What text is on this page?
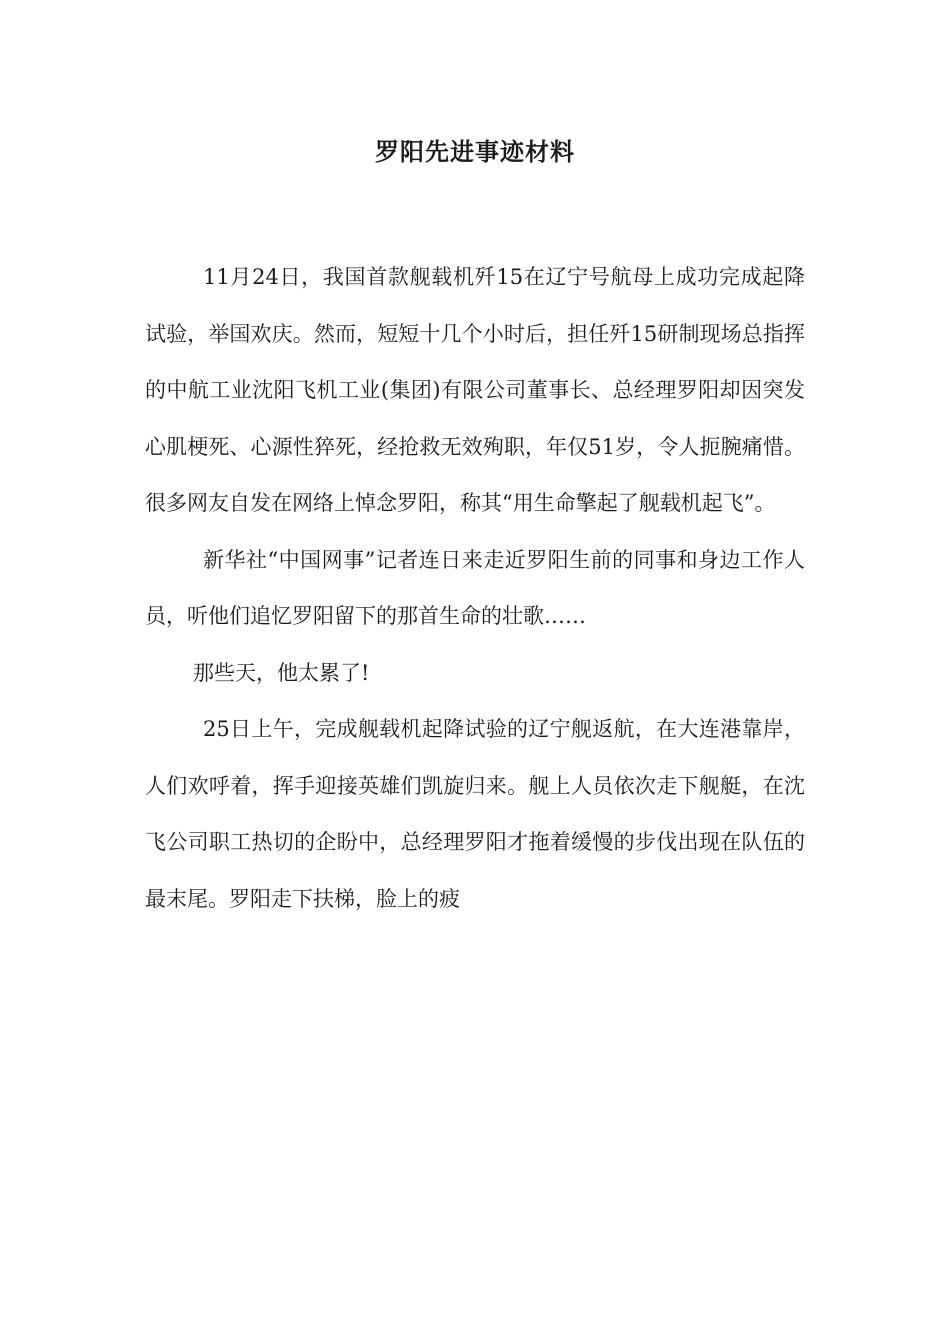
罗阳先进事迹材料

11月24日，我国首款舰载机歼15在辽宁号航母上成功完成起降试验，举国欢庆。然而，短短十几个小时后，担任歼15研制现场总指挥的中航工业沈阳飞机工业(集团)有限公司董事长、总经理罗阳却因突发心肌梗死、心源性猝死，经抢救无效殉职，年仅51岁，令人扼腕痛惜。很多网友自发在网络上悼念罗阳，称其“用生命擎起了舰载机起飞”。

新华社“中国网事”记者连日来走近罗阳生前的同事和身边工作人员，听他们追忆罗阳留下的那首生命的壮歌……

那些天，他太累了!

25日上午，完成舰载机起降试验的辽宁舰返航，在大连港靠岸，人们欢呼着，挥手迎接英雄们凯旋归来。舰上人员依次走下舰艇，在沈飞公司职工热切的企盼中，总经理罗阳才拖着缓慢的步伐出现在队伍的最末尾。罗阳走下扶梯，脸上的疲
